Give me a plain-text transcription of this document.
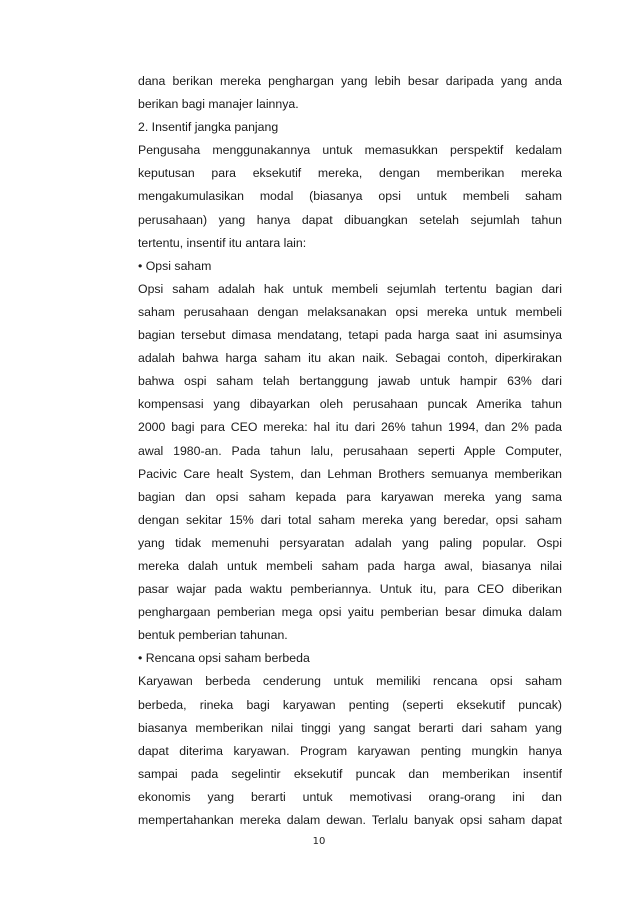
dana berikan mereka penghargan yang lebih besar daripada yang anda
berikan bagi manajer lainnya.
2. Insentif jangka panjang
Pengusaha menggunakannya untuk memasukkan perspektif kedalam
keputusan para eksekutif mereka, dengan memberikan mereka
mengakumulasikan modal (biasanya opsi untuk membeli saham
perusahaan) yang hanya dapat dibuangkan setelah sejumlah tahun
tertentu, insentif itu antara lain:
• Opsi saham
Opsi saham adalah hak untuk membeli sejumlah tertentu bagian dari
saham perusahaan dengan melaksanakan opsi mereka untuk membeli
bagian tersebut dimasa mendatang, tetapi pada harga saat ini asumsinya
adalah bahwa harga saham itu akan naik. Sebagai contoh, diperkirakan
bahwa ospi saham telah bertanggung jawab untuk hampir 63% dari
kompensasi yang dibayarkan oleh perusahaan puncak Amerika tahun
2000 bagi para CEO mereka: hal itu dari 26% tahun 1994, dan 2% pada
awal 1980-an. Pada tahun lalu, perusahaan seperti Apple Computer,
Pacivic Care healt System, dan Lehman Brothers semuanya memberikan
bagian dan opsi saham kepada para karyawan mereka yang sama
dengan sekitar 15% dari total saham mereka yang beredar, opsi saham
yang tidak memenuhi persyaratan adalah yang paling popular. Ospi
mereka dalah untuk membeli saham pada harga awal, biasanya nilai
pasar wajar pada waktu pemberiannya. Untuk itu, para CEO diberikan
penghargaan pemberian mega opsi yaitu pemberian besar dimuka dalam
bentuk pemberian tahunan.
• Rencana opsi saham berbeda
Karyawan berbeda cenderung untuk memiliki rencana opsi saham
berbeda, rineka bagi karyawan penting (seperti eksekutif puncak)
biasanya memberikan nilai tinggi yang sangat berarti dari saham yang
dapat diterima karyawan. Program karyawan penting mungkin hanya
sampai pada segelintir eksekutif puncak dan memberikan insentif
ekonomis yang berarti untuk memotivasi orang-orang ini dan
mempertahankan mereka dalam dewan. Terlalu banyak opsi saham dapat
10
